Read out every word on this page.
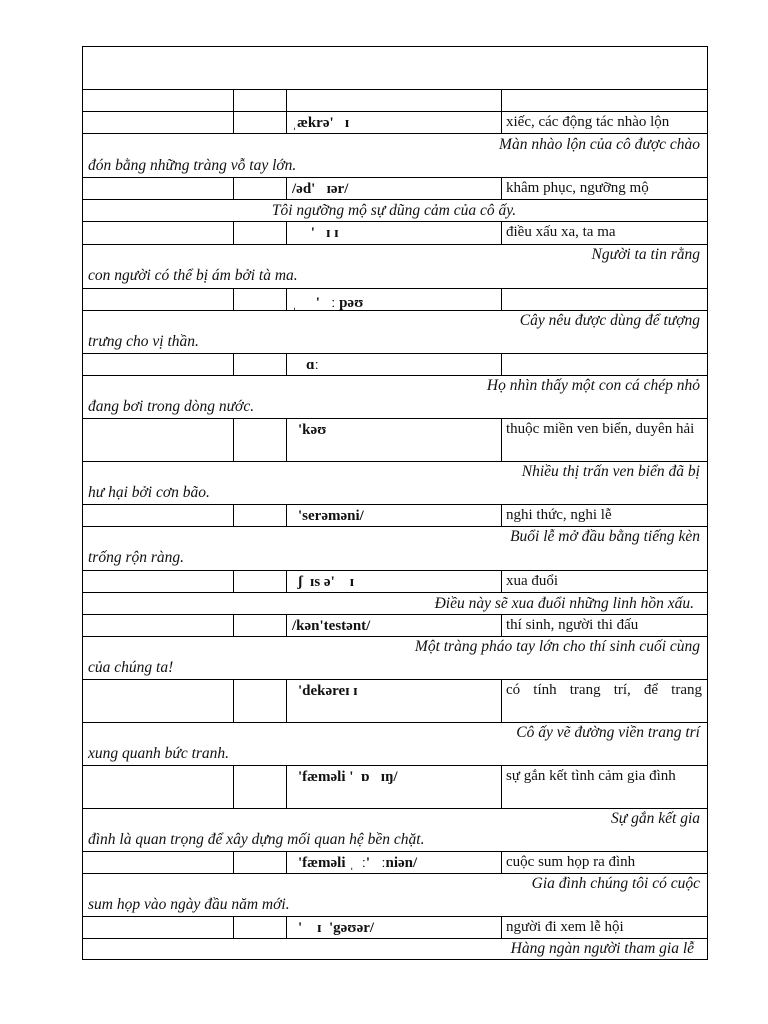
ˌækrə'   ɪ	xiếc, các động tác nhào lộn
Màn nhào lộn của cô được chào
đón bằng những tràng vỗ tay lớn.
/əd'   ɪər/	khâm phục, ngưỡng mộ
Tôi ngưỡng mộ sự dũng cảm của cô ấy.
'   ɪ ɪ	điều xấu xa, ta ma
Người ta tin rằng
con người có thể bị ám bởi tà ma.
ˌ     '   ː pəʊ
Cây nêu được dùng để tượng
trưng cho vị thần.
ɑː
Họ nhìn thấy một con cá chép nhỏ
đang bơi trong dòng nước.
'kəʊ	thuộc miền ven biển, duyên hải
Nhiều thị trấn ven biển đã bị
hư hại bởi cơn bão.
'serəməni/	nghi thức, nghi lễ
Buổi lễ mở đầu bằng tiếng kèn
trống rộn ràng.
ʃ  ɪs ə'    ɪ	xua đuổi
Điều này sẽ xua đuổi những linh hồn xấu.
/kən'testənt/	thí sinh, người thi đấu
Một tràng pháo tay lớn cho thí sinh cuối cùng
của chúng ta!
'dekəreɪ ɪ	có tính trang trí, để trang
Cô ấy vẽ đường viền trang trí
xung quanh bức tranh.
'fæməli '  ɒ   ɪŋ/	sự gắn kết tình cảm gia đình
Sự gắn kết gia
đình là quan trọng để xây dựng mối quan hệ bền chặt.
'fæməli ˌ  ː'   ːniən/	cuộc sum họp ra đình
Gia đình chúng tôi có cuộc
sum họp vào ngày đầu năm mới.
'    ɪ  'gəʊər/	người đi xem lễ hội
Hàng ngàn người tham gia lễ
